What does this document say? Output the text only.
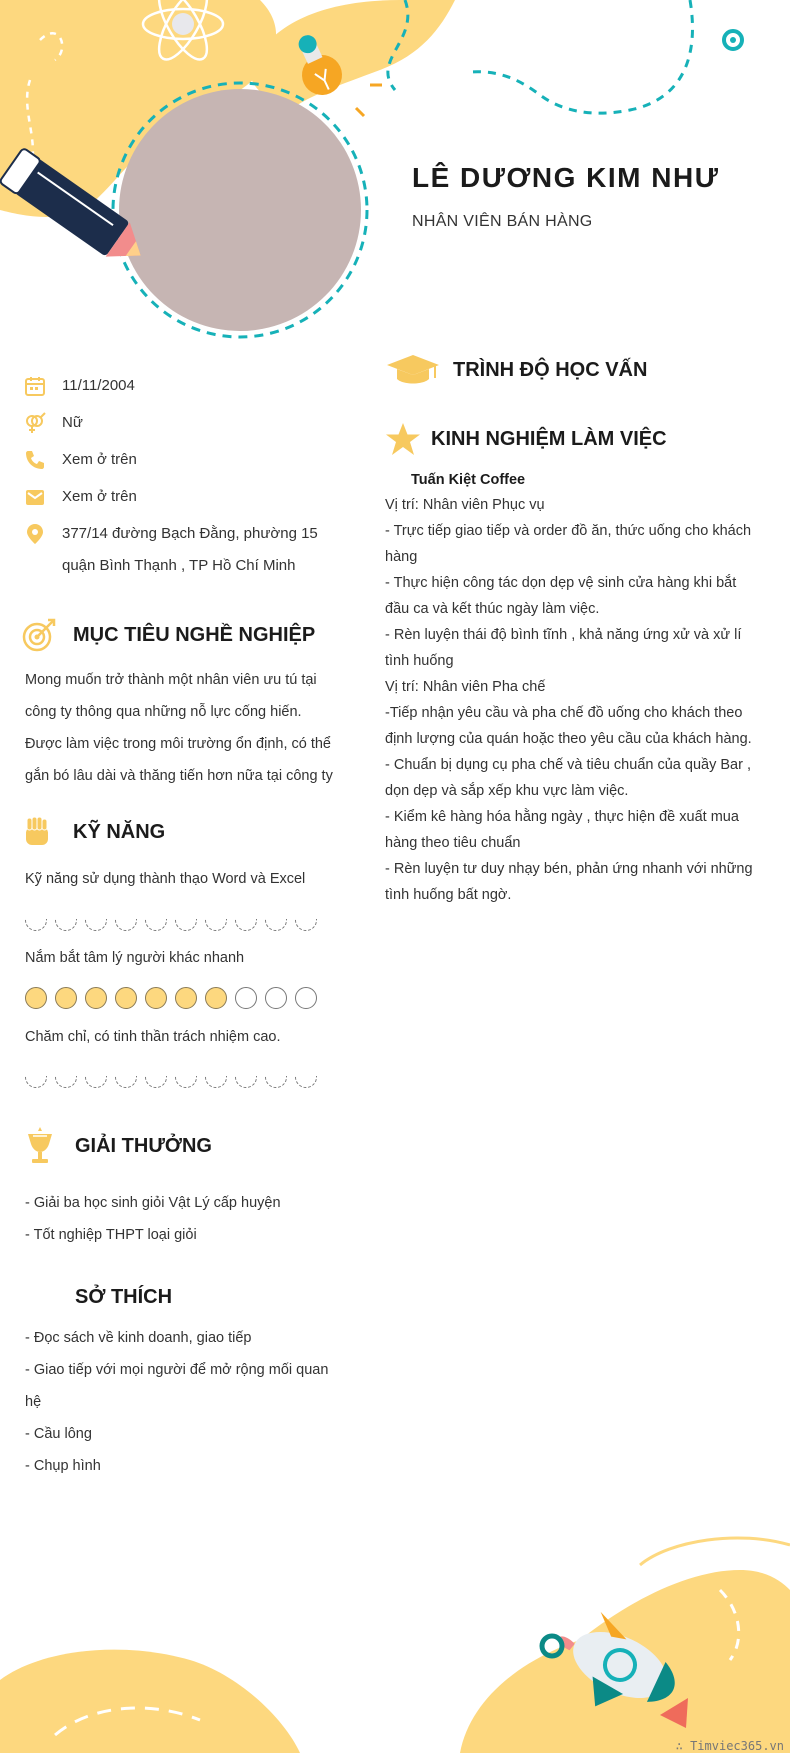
LÊ DƯƠNG KIM NHƯ
NHÂN VIÊN BÁN HÀNG
11/11/2004
Nữ
Xem ở trên
Xem ở trên
377/14 đường Bạch Đằng, phường 15
quận Bình Thạnh , TP Hồ Chí Minh
MỤC TIÊU NGHỀ NGHIỆP
Mong muốn trở thành một nhân viên ưu tú tại
công ty thông qua những nỗ lực cống hiến.
Được làm việc trong môi trường ổn định, có thể
gắn bó lâu dài và thăng tiến hơn nữa tại công ty
KỸ NĂNG
Kỹ năng sử dụng thành thạo Word và Excel
Nắm bắt tâm lý người khác nhanh
Chăm chỉ, có tinh thần trách nhiệm cao.
GIẢI THƯỞNG
- Giải ba học sinh giỏi Vật Lý cấp huyện
- Tốt nghiệp THPT loại giỏi
SỞ THÍCH
- Đọc sách về kinh doanh, giao tiếp
- Giao tiếp với mọi người để mở rộng mối quan
hệ
- Cầu lông
- Chụp hình
TRÌNH ĐỘ HỌC VẤN
KINH NGHIỆM LÀM VIỆC
Tuấn Kiệt Coffee
Vị trí: Nhân viên Phục vụ
- Trực tiếp giao tiếp và order đồ ăn, thức uống cho khách
hàng
- Thực hiện công tác dọn dẹp vệ sinh cửa hàng khi bắt
đầu ca và kết thúc ngày làm việc.
- Rèn luyện thái độ bình tĩnh , khả năng ứng xử và xử lí
tình huống
Vị trí: Nhân viên Pha chế
-Tiếp nhận yêu cầu và pha chế đồ uống cho khách theo
định lượng của quán hoặc theo yêu cầu của khách hàng.
- Chuẩn bị dụng cụ pha chế và tiêu chuẩn của quầy Bar ,
dọn dẹp và sắp xếp khu vực làm việc.
- Kiểm kê hàng hóa hằng ngày , thực hiện đề xuất mua
hàng theo tiêu chuẩn
- Rèn luyện tư duy nhạy bén, phản ứng nhanh với những
tình huống bất ngờ.
∴ Timviec365.vn
